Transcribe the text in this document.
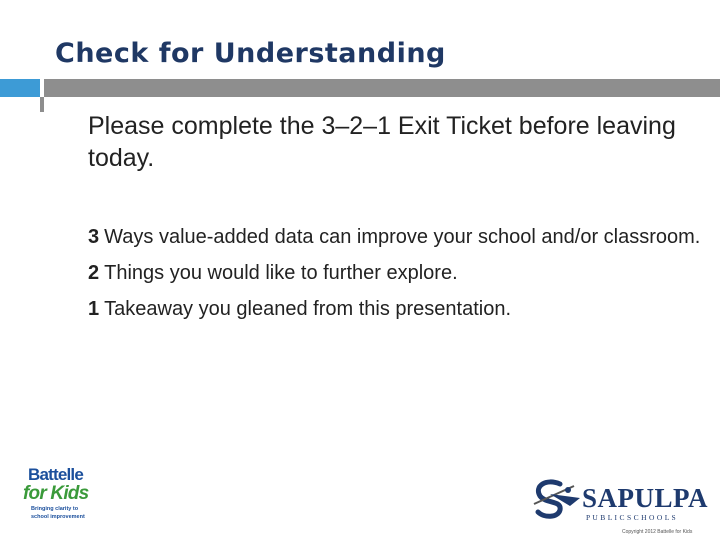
Check for Understanding
Please complete the 3–2–1 Exit Ticket before leaving today.
3 Ways value-added data can improve your school and/or classroom.
2 Things you would like to further explore.
1 Takeaway you gleaned from this presentation.
Battelle
for Kids
Bringing clarity to
school improvement
SAPULPA
P U B L I C S C H O O L S
Copyright 2012 Battelle for Kids
